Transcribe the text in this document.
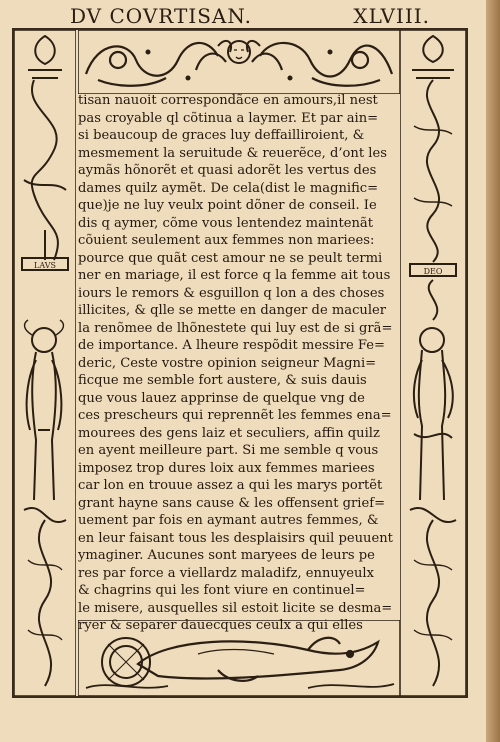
DV COVRTISAN.	XLVIII.
LAVS
DEO
tisan nauoit correspondãce en amours,il nest
pas croyable ql cõtinua a laymer. Et par ain=
si beaucoup de graces luy deffailliroient, &
mesmement la seruitude & reuerẽce, d’ont les
aymãs hõnorẽt et quasi adorẽt les vertus des
dames quilz aymẽt. De cela(dist le magnific=
que)je ne luy veulx point dõner de conseil. Ie
dis q aymer, cõme vous lentendez maintenãt
cõuient seulement aux femmes non mariees:
pource que quãt cest amour ne se peult termi
ner en mariage, il est force q la femme ait tous
iours le remors & esguillon q lon a des choses
illicites, & qlle se mette en danger de maculer
la renõmee de lhõnestete qui luy est de si grã=
de importance. A lheure respõdit messire Fe=
deric, Ceste vostre opinion seigneur Magni=
ficque me semble fort austere, & suis dauis
que vous lauez apprinse de quelque vng de
ces prescheurs qui reprennẽt les femmes ena=
mourees des gens laiz et seculiers, affin quilz
en ayent meilleure part. Si me semble q vous
imposez trop dures loix aux femmes mariees
car lon en trouue assez a qui les marys portẽt
grant hayne sans cause & les offensent grief=
uement par fois en aymant autres femmes, &
en leur faisant tous les desplaisirs quil peuuent
ymaginer. Aucunes sont maryees de leurs pe
res par force a viellardz maladifz, ennuyeulx
& chagrins qui les font viure en continuel=
le misere, ausquelles sil estoit licite se desma=
ryer & separer dauecques ceulx a qui elles
